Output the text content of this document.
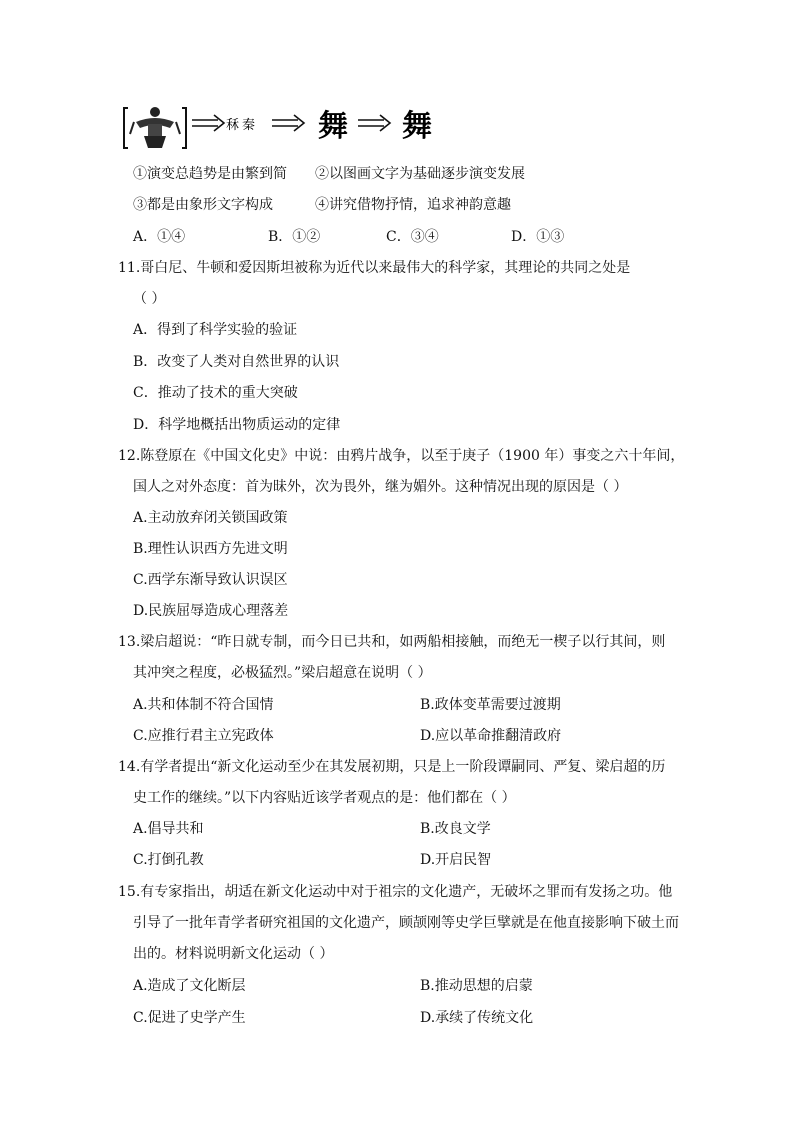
秝 秦 舞 舞
①演变总趋势是由繁到简 ②以图画文字为基础逐步演变发展
③都是由象形文字构成	④讲究借物抒情，追求神韵意趣
A．①④	B．①②	C．③④	D．①③
11.哥白尼、牛顿和爱因斯坦被称为近代以来最伟大的科学家，其理论的共同之处是
（ ）
A．得到了科学实验的验证
B．改变了人类对自然世界的认识
C．推动了技术的重大突破
D．科学地概括出物质运动的定律
12.陈登原在《中国文化史》中说：由鸦片战争，以至于庚子（1900 年）事变之六十年间，
国人之对外态度：首为昧外，次为畏外，继为媚外。这种情况出现的原因是（ ）
A.主动放弃闭关锁国政策
B.理性认识西方先进文明
C.西学东渐导致认识误区
D.民族屈辱造成心理落差
13.梁启超说：“昨日就专制，而今日已共和，如两船相接触，而绝无一楔子以行其间，则
其冲突之程度，必极猛烈。”梁启超意在说明（ ）
A.共和体制不符合国情	B.政体变革需要过渡期
C.应推行君主立宪政体	D.应以革命推翻清政府
14.有学者提出“新文化运动至少在其发展初期，只是上一阶段谭嗣同、严复、梁启超的历
史工作的继续。”以下内容贴近该学者观点的是：他们都在（ ）
A.倡导共和	B.改良文学
C.打倒孔教	D.开启民智
15.有专家指出，胡适在新文化运动中对于祖宗的文化遗产，无破坏之罪而有发扬之功。他
引导了一批年青学者研究祖国的文化遗产，顾颉刚等史学巨擘就是在他直接影响下破土而
出的。材料说明新文化运动（ ）
A.造成了文化断层	B.推动思想的启蒙
C.促进了史学产生	D.承续了传统文化
